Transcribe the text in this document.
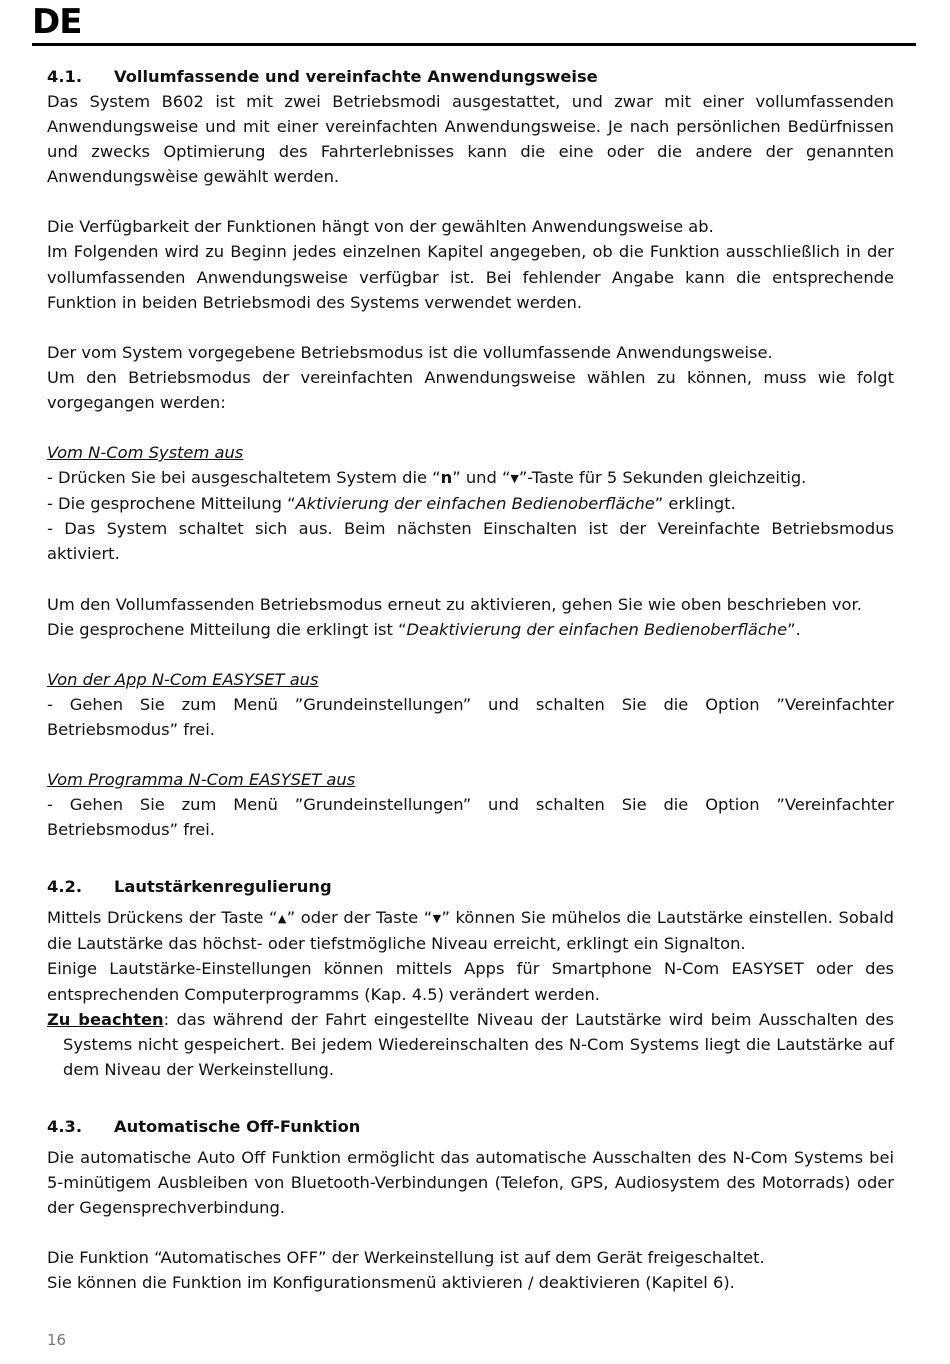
DE
4.1.	Vollumfassende und vereinfachte Anwendungsweise

Das System B602 ist mit zwei Betriebsmodi ausgestattet, und zwar mit einer vollumfassenden Anwendungsweise und mit einer vereinfachten Anwendungsweise. Je nach persönlichen Bedürfnissen und zwecks Optimierung des Fahrterlebnisses kann die eine oder die andere der genannten Anwendungswèise gewählt werden.

Die Verfügbarkeit der Funktionen hängt von der gewählten Anwendungsweise ab.

Im Folgenden wird zu Beginn jedes einzelnen Kapitel angegeben, ob die Funktion ausschließlich in der vollumfassenden Anwendungsweise verfügbar ist. Bei fehlender Angabe kann die entsprechende Funktion in beiden Betriebsmodi des Systems verwendet werden.

Der vom System vorgegebene Betriebsmodus ist die vollumfassende Anwendungsweise.

Um den Betriebsmodus der vereinfachten Anwendungsweise wählen zu können, muss wie folgt vorgegangen werden:

Vom N-Com System aus

- Drücken Sie bei ausgeschaltetem System die “n” und “▼”-Taste für 5 Sekunden gleichzeitig.

- Die gesprochene Mitteilung “Aktivierung der einfachen Bedienoberfläche” erklingt.

- Das System schaltet sich aus. Beim nächsten Einschalten ist der Vereinfachte Betriebsmodus aktiviert.

Um den Vollumfassenden Betriebsmodus erneut zu aktivieren, gehen Sie wie oben beschrieben vor.

Die gesprochene Mitteilung die erklingt ist “Deaktivierung der einfachen Bedienoberfläche”.

Von der App N-Com EASYSET aus

- Gehen Sie zum Menü ”Grundeinstellungen” und schalten Sie die Option ”Vereinfachter Betriebsmodus” frei.

Vom Programma N-Com EASYSET aus

- Gehen Sie zum Menü ”Grundeinstellungen” und schalten Sie die Option ”Vereinfachter Betriebsmodus” frei.

4.2.	Lautstärkenregulierung

Mittels Drückens der Taste “▲” oder der Taste “▼” können Sie mühelos die Lautstärke einstellen. Sobald die Lautstärke das höchst- oder tiefstmögliche Niveau erreicht, erklingt ein Signalton.

Einige Lautstärke-Einstellungen können mittels Apps für Smartphone N-Com EASYSET oder des entsprechenden Computerprogramms (Kap. 4.5) verändert werden.

Zu beachten: das während der Fahrt eingestellte Niveau der Lautstärke wird beim Ausschalten des Systems nicht gespeichert. Bei jedem Wiedereinschalten des N-Com Systems liegt die Lautstärke auf dem Niveau der Werkeinstellung.

4.3.	Automatische Off-Funktion

Die automatische Auto Off Funktion ermöglicht das automatische Ausschalten des N-Com Systems bei 5-minütigem Ausbleiben von Bluetooth-Verbindungen (Telefon, GPS, Audiosystem des Motorrads) oder der Gegensprechverbindung.

Die Funktion “Automatisches OFF” der Werkeinstellung ist auf dem Gerät freigeschaltet.

Sie können die Funktion im Konfigurationsmenü aktivieren / deaktivieren (Kapitel 6).

16
